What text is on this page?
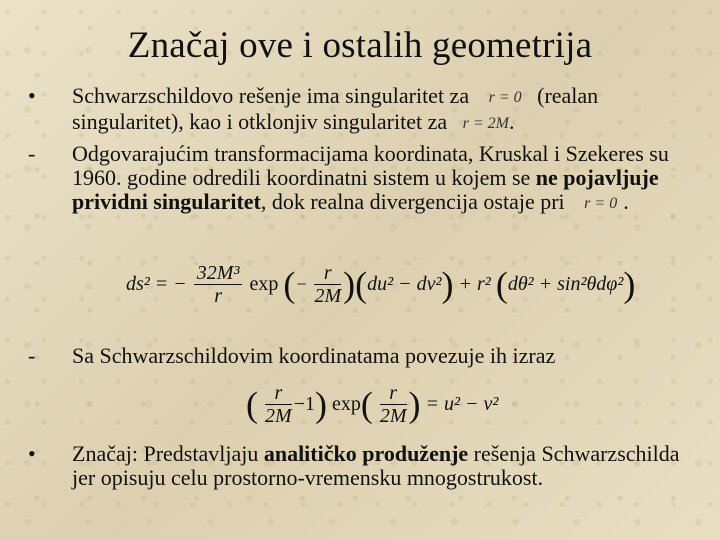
Značaj ove i ostalih geometrija
• Schwarzschildovo rešenje ima singularitet za r = 0 (realan singularitet), kao i otklonjiv singularitet za r = 2M.
- Odgovarajućim transformacijama koordinata, Kruskal i Szekeres su 1960. godine odredili koordinatni sistem u kojem se ne pojavljuje prividni singularitet, dok realna divergencija ostaje pri r = 0 .
ds² = − $\frac{\text{32M³}}{r}$ exp (− $\frac{r}{2M} )(du^2 - dv^2) + r^2$ (dθ² + sin²θdφ²)
- Sa Schwarzschildovim koordinatama povezuje ih izraz
( $\frac{r}{2M} -1$) $\exp( \frac{r}{2M}$ ) = u² − v²
• Značaj: Predstavljaju analitičko produženje rešenja Schwarzschilda jer opisuju celu prostorno-vremensku mnogostrukost.
